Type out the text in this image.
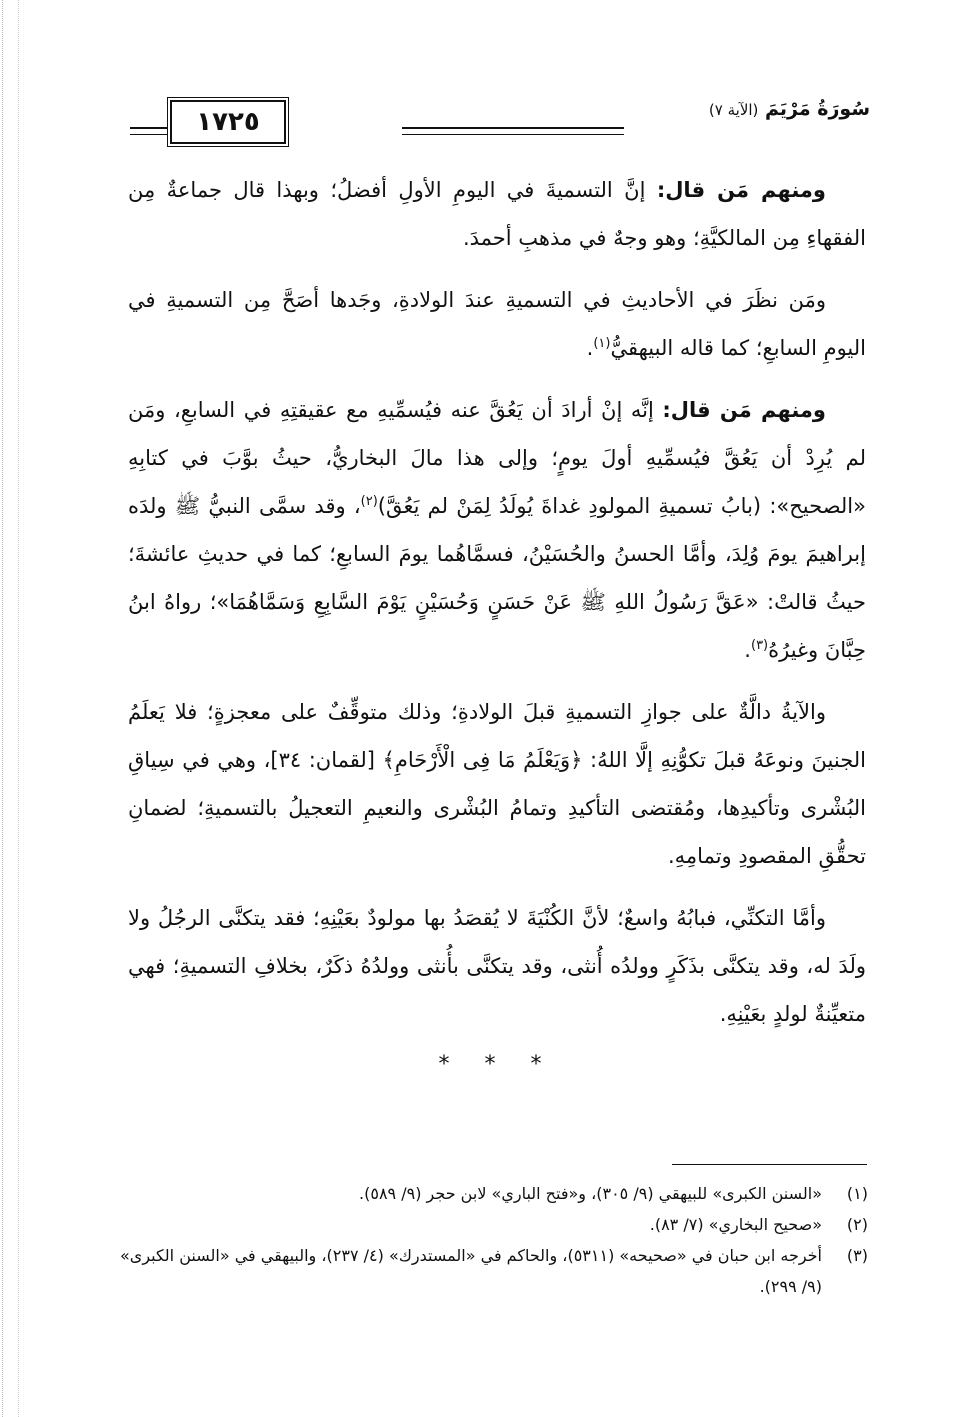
١٧٢٥	سُورَةُ مَرْيَمَ (الآية ٧)

ومنهم مَن قال: إنَّ التسميةَ في اليومِ الأولِ أفضلُ؛ وبهذا قال جماعةٌ مِن الفقهاءِ مِن المالكيَّةِ؛ وهو وجهٌ في مذهبِ أحمدَ.

ومَن نظَرَ في الأحاديثِ في التسميةِ عندَ الولادةِ، وجَدها أصَحَّ مِن التسميةِ في اليومِ السابعِ؛ كما قاله البيهقيُّ$^{(١)}$.

ومنهم مَن قال: إنَّه إنْ أرادَ أن يَعُقَّ عنه فيُسمِّيهِ مع عقيقتِهِ في السابعِ، ومَن لم يُرِدْ أن يَعُقَّ فيُسمِّيهِ أولَ يومٍ؛ وإلى هذا مالَ البخاريُّ، حيثُ بوَّبَ في كتابِهِ «الصحيح»: (بابُ تسميةِ المولودِ غداةَ يُولَدُ لِمَنْ لم يَعُقَّ)$^{(٢)}$، وقد سمَّى النبيُّ ﷺ ولدَه إبراهيمَ يومَ وُلِدَ، وأمَّا الحسنُ والحُسَيْنُ، فسمَّاهُما يومَ السابعِ؛ كما في حديثِ عائشةَ؛ حيثُ قالتْ: «عَقَّ رَسُولُ اللهِ ﷺ عَنْ حَسَنٍ وَحُسَيْنٍ يَوْمَ السَّابِعِ وَسَمَّاهُمَا»؛ رواهُ ابنُ حِبَّانَ وغيرُهُ$^{(٣)}$.

والآيةُ دالَّةٌ على جوازِ التسميةِ قبلَ الولادةِ؛ وذلك متوقِّفٌ على معجزةٍ؛ فلا يَعلَمُ الجنينَ ونوعَهُ قبلَ تكوُّنِهِ إلَّا اللهُ: ﴿وَيَعْلَمُ مَا فِى الْأَرْحَامِ﴾ [لقمان: ٣٤]، وهي في سِياقِ البُشْرى وتأكيدِها، ومُقتضى التأكيدِ وتمامُ البُشْرى والنعيمِ التعجيلُ بالتسميةِ؛ لضمانِ تحقُّقِ المقصودِ وتمامِهِ.

وأمَّا التكنِّي، فبابُهُ واسعٌ؛ لأنَّ الكُنْيَةَ لا يُقصَدُ بها مولودٌ بعَيْنِهِ؛ فقد يتكنَّى الرجُلُ ولا ولَدَ له، وقد يتكنَّى بذَكَرٍ وولدُه أُنثى، وقد يتكنَّى بأُنثى وولدُهُ ذكَرٌ، بخلافِ التسميةِ؛ فهي متعيِّنةٌ لولدٍ بعَيْنِهِ.

* * *
(١)
«السنن الكبرى» للبيهقي (٩/ ٣٠٥)، و«فتح الباري» لابن حجر (٩/ ٥٨٩).
(٢)
«صحيح البخاري» (٧/ ٨٣).
(٣)
أخرجه ابن حبان في «صحيحه» (٥٣١١)، والحاكم في «المستدرك» (٤/ ٢٣٧)، والبيهقي في «السنن الكبرى» (٩/ ٢٩٩).
